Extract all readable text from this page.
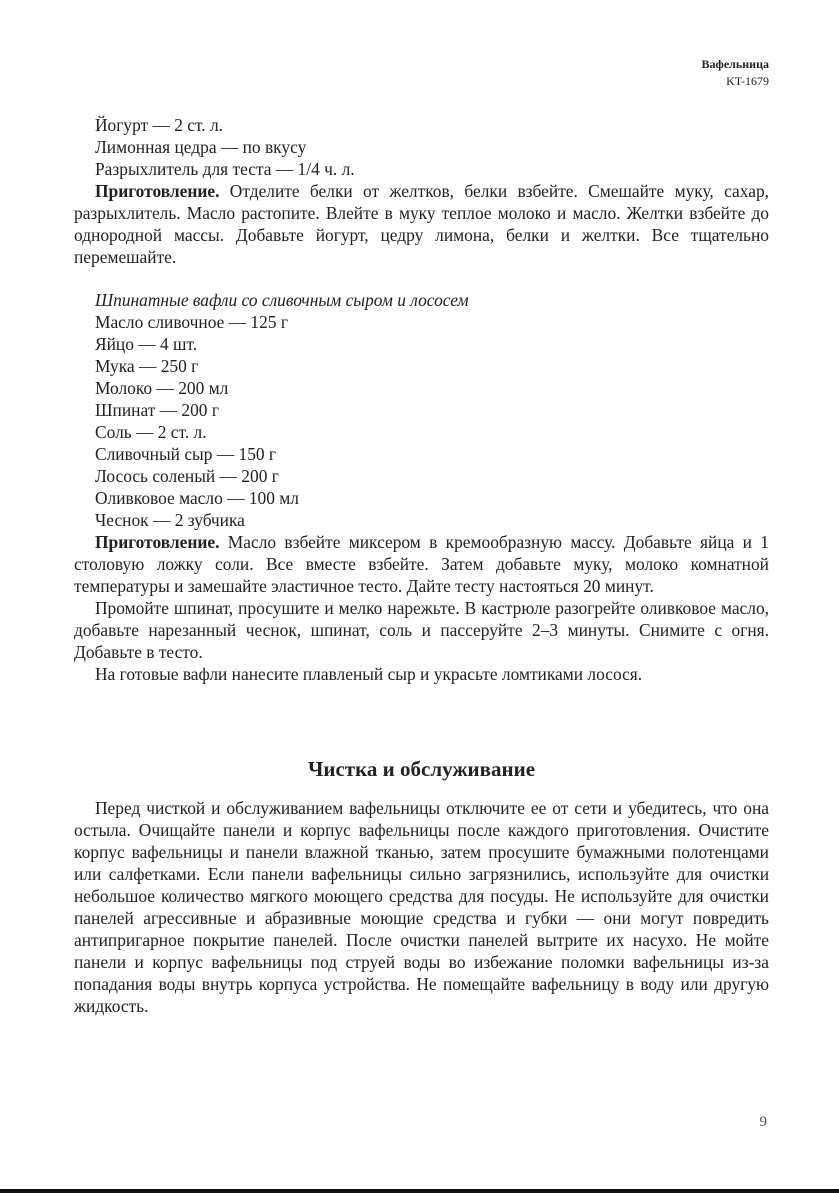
Вафельница
KT-1679
Йогурт — 2 ст. л.
Лимонная цедра — по вкусу
Разрыхлитель для теста — 1/4 ч. л.

Приготовление. Отделите белки от желтков, белки взбейте. Смешайте муку, сахар, разрыхлитель. Масло растопите. Влейте в муку теплое молоко и масло. Желтки взбейте до однородной массы. Добавьте йогурт, цедру лимона, белки и желтки. Все тщательно перемешайте.

Шпинатные вафли со сливочным сыром и лососем
Масло сливочное — 125 г
Яйцо — 4 шт.
Мука — 250 г
Молоко — 200 мл
Шпинат — 200 г
Соль — 2 ст. л.
Сливочный сыр — 150 г
Лосось соленый — 200 г
Оливковое масло — 100 мл
Чеснок — 2 зубчика

Приготовление. Масло взбейте миксером в кремообразную массу. Добавьте яйца и 1 столовую ложку соли. Все вместе взбейте. Затем добавьте муку, молоко комнатной температуры и замешайте эластичное тесто. Дайте тесту настояться 20 минут.

Промойте шпинат, просушите и мелко нарежьте. В кастрюле разогрейте оливковое масло, добавьте нарезанный чеснок, шпинат, соль и пассеруйте 2–3 минуты. Снимите с огня. Добавьте в тесто.

На готовые вафли нанесите плавленый сыр и украсьте ломтиками лосося.

Чистка и обслуживание

Перед чисткой и обслуживанием вафельницы отключите ее от сети и убедитесь, что она остыла. Очищайте панели и корпус вафельницы после каждого приготовления. Очистите корпус вафельницы и панели влажной тканью, затем просушите бумажными полотенцами или салфетками. Если панели вафельницы сильно загрязнились, используйте для очистки небольшое количество мягкого моющего средства для посуды. Не используйте для очистки панелей агрессивные и абразивные моющие средства и губки — они могут повредить антипригарное покрытие панелей. После очистки панелей вытрите их насухо. Не мойте панели и корпус вафельницы под струей воды во избежание поломки вафельницы из-за попадания воды внутрь корпуса устройства. Не помещайте вафельницу в воду или другую жидкость.

9
